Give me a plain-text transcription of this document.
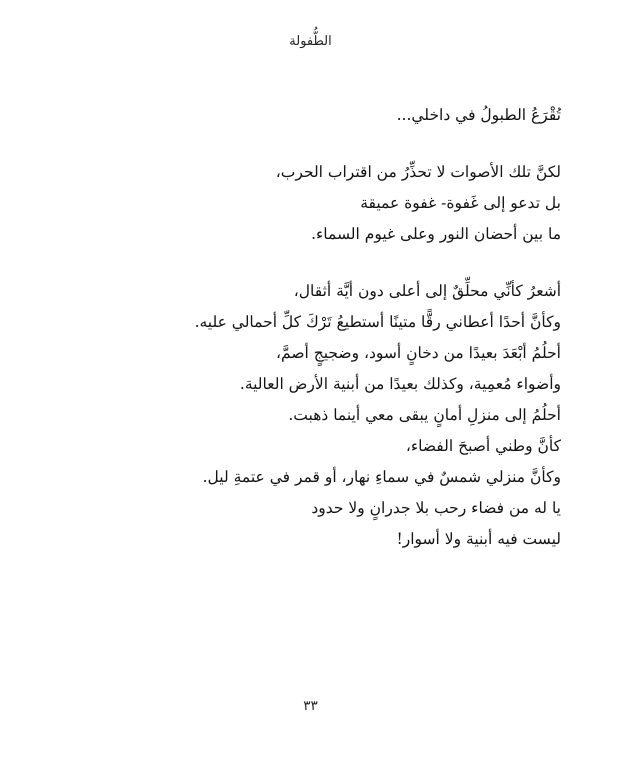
الطُّفولة

تُقْرَعُ الطبولُ في داخلي...

لكنَّ تلك الأصوات لا تحذِّرُ من اقتراب الحرب،

بل تدعو إلى غَفوة- غفوة عميقة

ما بين أحضان النور وعلى غيوم السماء.

أشعرُ كأنِّي محلِّقٌ إلى أعلى دون أيَّة أثقال،

وكأنَّ أحدًا أعطاني رقًّا متينًا أستطيعُ تَرْكَ كلِّ أحمالي عليه.

أحلُمُ أبْعَدَ بعيدًا من دخانٍ أسود، وضجيجٍ أصمَّ،

وأضواء مُعمِية، وكذلك بعيدًا من أبنية الأرض العالية.

أحلُمُ إلى منزلِ أمانٍ يبقى معي أينما ذهبت.

كأنَّ وطني أصبحَ الفضاء،

وكأنَّ منزلي شمسٌ في سماءِ نهار، أو قمر في عتمةِ ليل.

يا له من فضاء رحب بلا جدرانٍ ولا حدود

ليست فيه أبنية ولا أسوار!

٣٣
